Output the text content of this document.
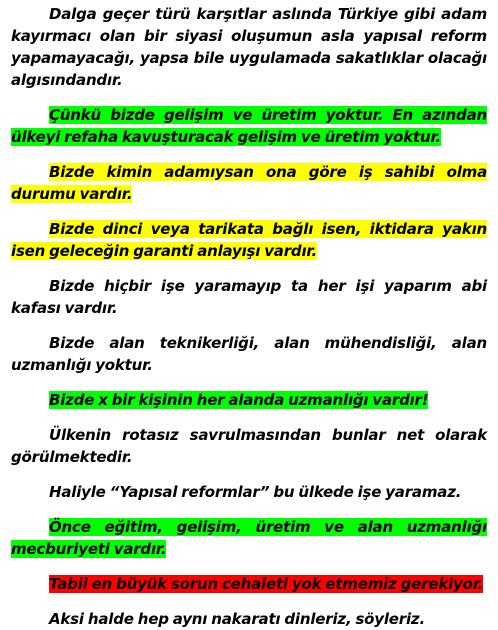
Dalga geçer türü karşıtlar aslında Türkiye gibi adam kayırmacı olan bir siyasi oluşumun asla yapısal reform yapamayacağı, yapsa bile uygulamada sakatlıklar olacağı algısındandır.

Çünkü bizde gelişim ve üretim yoktur. En azından ülkeyi refaha kavuşturacak gelişim ve üretim yoktur.

Bizde kimin adamıysan ona göre iş sahibi olma durumu vardır.

Bizde dinci veya tarikata bağlı isen, iktidara yakın isen geleceğin garanti anlayışı vardır.

Bizde hiçbir işe yaramayıp ta her işi yaparım abi kafası vardır.

Bizde alan teknikerliği, alan mühendisliği, alan uzmanlığı yoktur.

Bizde x bir kişinin her alanda uzmanlığı vardır!

Ülkenin rotasız savrulmasından bunlar net olarak görülmektedir.

Haliyle “Yapısal reformlar” bu ülkede işe yaramaz.

Önce eğitim, gelişim, üretim ve alan uzmanlığı mecburiyeti vardır.

Tabii en büyük sorun cehaleti yok etmemiz gerekiyor.

Aksi halde hep aynı nakaratı dinleriz, söyleriz.
